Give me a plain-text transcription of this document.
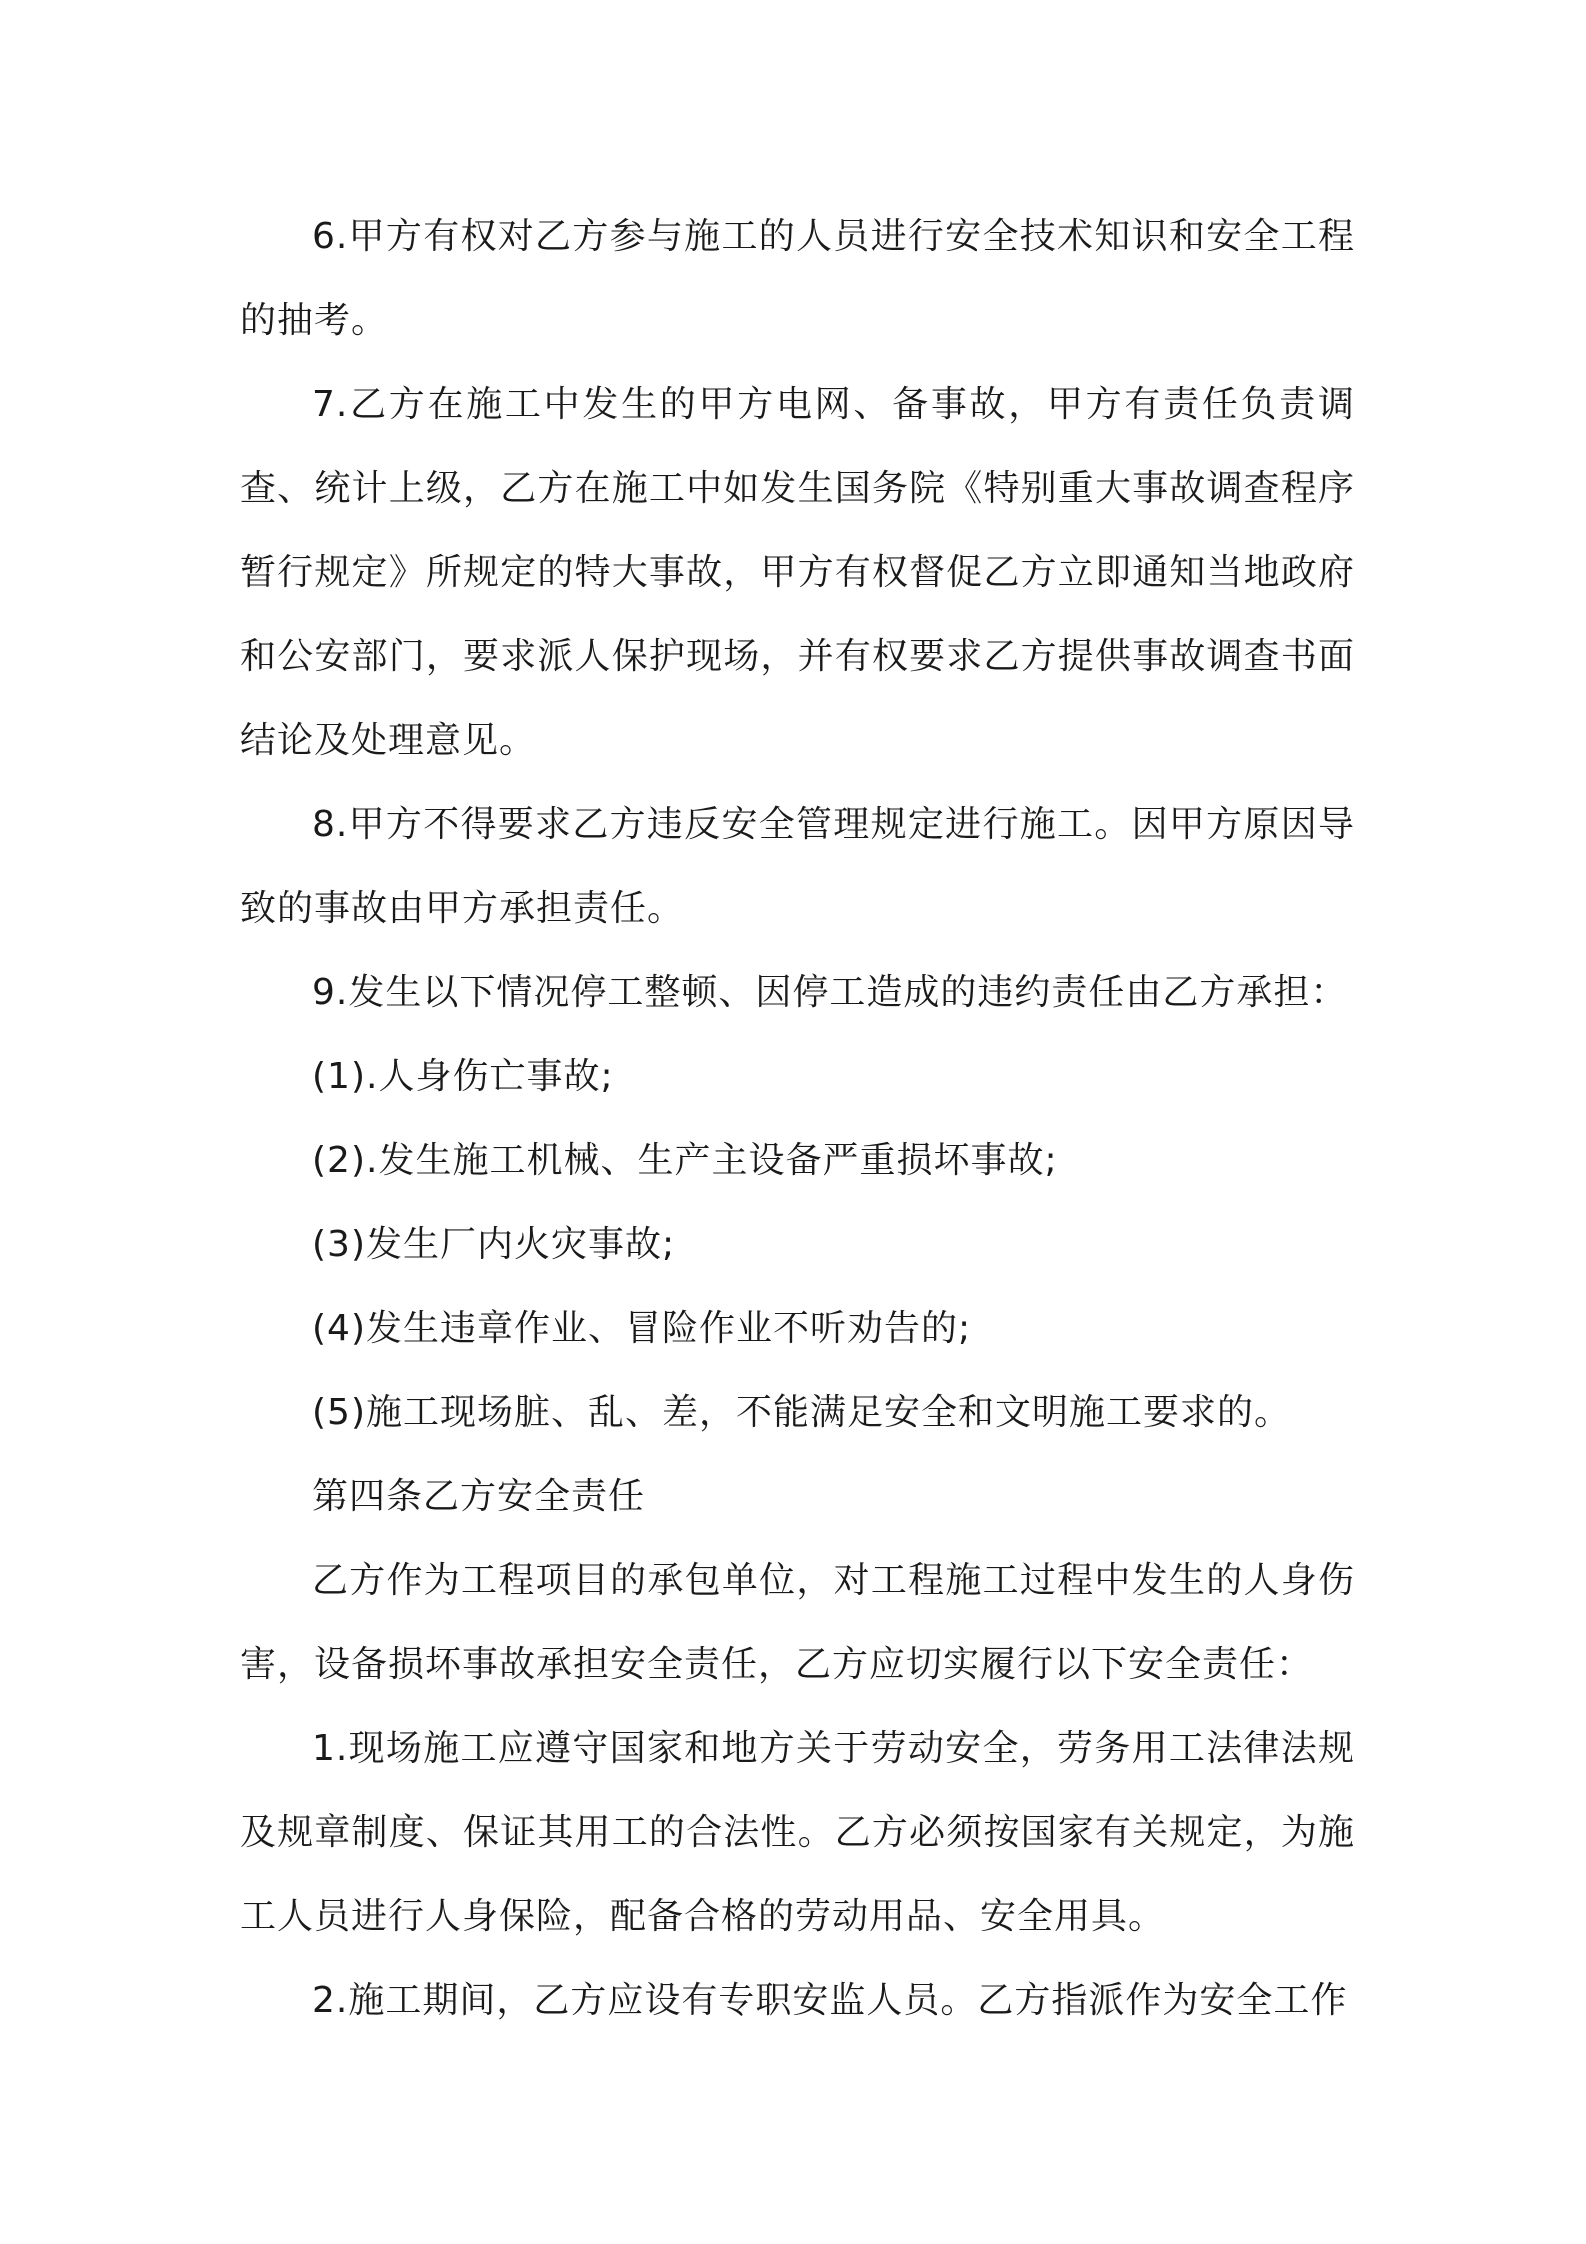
6.甲方有权对乙方参与施工的人员进行安全技术知识和安全工程的抽考。

7.乙方在施工中发生的甲方电网、备事故，甲方有责任负责调查、统计上级，乙方在施工中如发生国务院《特别重大事故调查程序暂行规定》所规定的特大事故，甲方有权督促乙方立即通知当地政府和公安部门，要求派人保护现场，并有权要求乙方提供事故调查书面结论及处理意见。

8.甲方不得要求乙方违反安全管理规定进行施工。因甲方原因导致的事故由甲方承担责任。

9.发生以下情况停工整顿、因停工造成的违约责任由乙方承担：

(1).人身伤亡事故;

(2).发生施工机械、生产主设备严重损坏事故;

(3)发生厂内火灾事故;

(4)发生违章作业、冒险作业不听劝告的;

(5)施工现场脏、乱、差，不能满足安全和文明施工要求的。

第四条乙方安全责任

乙方作为工程项目的承包单位，对工程施工过程中发生的人身伤害，设备损坏事故承担安全责任，乙方应切实履行以下安全责任：

1.现场施工应遵守国家和地方关于劳动安全，劳务用工法律法规及规章制度、保证其用工的合法性。乙方必须按国家有关规定，为施工人员进行人身保险，配备合格的劳动用品、安全用具。

2.施工期间，乙方应设有专职安监人员。乙方指派作为安全工作
